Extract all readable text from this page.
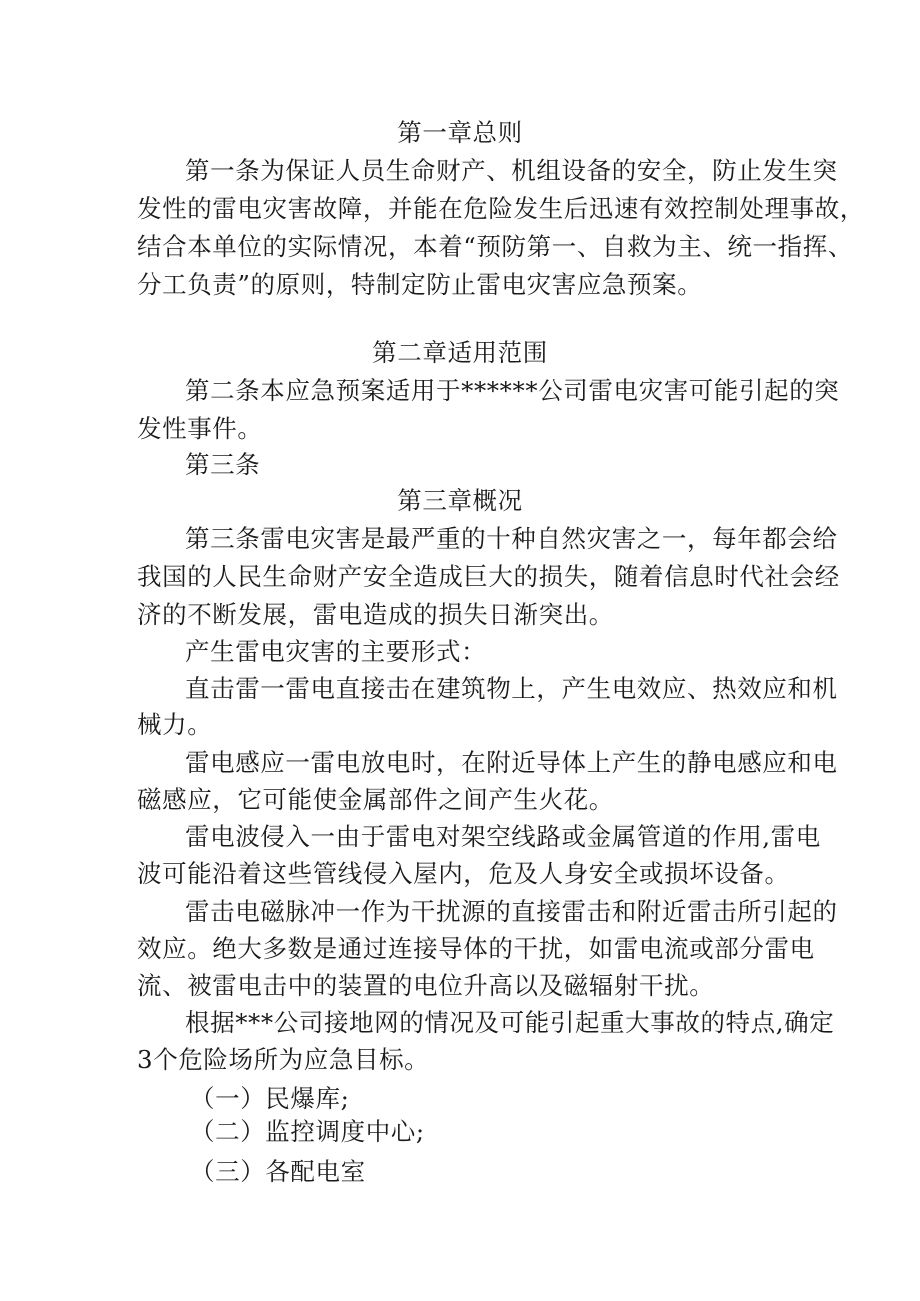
第一章总则
第一条为保证人员生命财产、机组设备的安全，防止发生突
发性的雷电灾害故障，并能在危险发生后迅速有效控制处理事故，
结合本单位的实际情况，本着“预防第一、自救为主、统一指挥、
分工负责”的原则，特制定防止雷电灾害应急预案。
第二章适用范围
第二条本应急预案适用于******公司雷电灾害可能引起的突
发性事件。
第三条
第三章概况
第三条雷电灾害是最严重的十种自然灾害之一，每年都会给
我国的人民生命财产安全造成巨大的损失，随着信息时代社会经
济的不断发展，雷电造成的损失日渐突出。
产生雷电灾害的主要形式：
直击雷一雷电直接击在建筑物上，产生电效应、热效应和机
械力。
雷电感应一雷电放电时，在附近导体上产生的静电感应和电
磁感应，它可能使金属部件之间产生火花。
雷电波侵入一由于雷电对架空线路或金属管道的作用,雷电
波可能沿着这些管线侵入屋内，危及人身安全或损坏设备。
雷击电磁脉冲一作为干扰源的直接雷击和附近雷击所引起的
效应。绝大多数是通过连接导体的干扰，如雷电流或部分雷电
流、被雷电击中的装置的电位升高以及磁辐射干扰。
根据***公司接地网的情况及可能引起重大事故的特点,确定
3个危险场所为应急目标。
（一）民爆库;
（二）监控调度中心;
（三）各配电室
